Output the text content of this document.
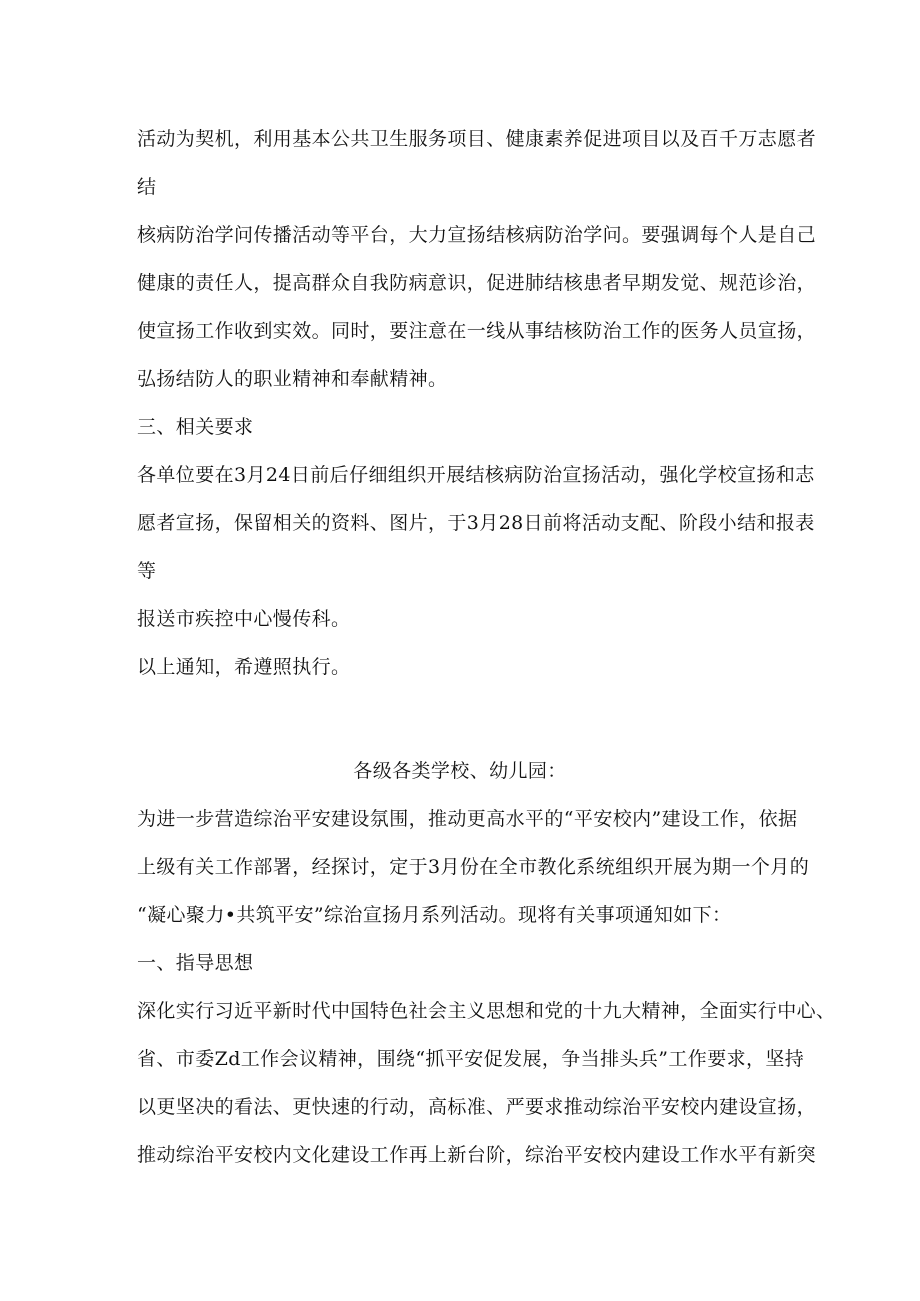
活动为契机，利用基本公共卫生服务项目、健康素养促进项目以及百千万志愿者
结
核病防治学问传播活动等平台，大力宣扬结核病防治学问。要强调每个人是自己
健康的责任人，提高群众自我防病意识，促进肺结核患者早期发觉、规范诊治，
使宣扬工作收到实效。同时，要注意在一线从事结核防治工作的医务人员宣扬，
弘扬结防人的职业精神和奉献精神。
三、相关要求
各单位要在3月24日前后仔细组织开展结核病防治宣扬活动，强化学校宣扬和志
愿者宣扬，保留相关的资料、图片，于3月28日前将活动支配、阶段小结和报表
等
报送市疾控中心慢传科。
以上通知，希遵照执行。
各级各类学校、幼儿园：
为进一步营造综治平安建设氛围，推动更高水平的“平安校内”建设工作，依据
上级有关工作部署，经探讨，定于3月份在全市教化系统组织开展为期一个月的
“凝心聚力•共筑平安”综治宣扬月系列活动。现将有关事项通知如下：
一、指导思想
深化实行习近平新时代中国特色社会主义思想和党的十九大精神，全面实行中心、
省、市委Zd工作会议精神，围绕“抓平安促发展，争当排头兵”工作要求，坚持
以更坚决的看法、更快速的行动，高标准、严要求推动综治平安校内建设宣扬，
推动综治平安校内文化建设工作再上新台阶，综治平安校内建设工作水平有新突
